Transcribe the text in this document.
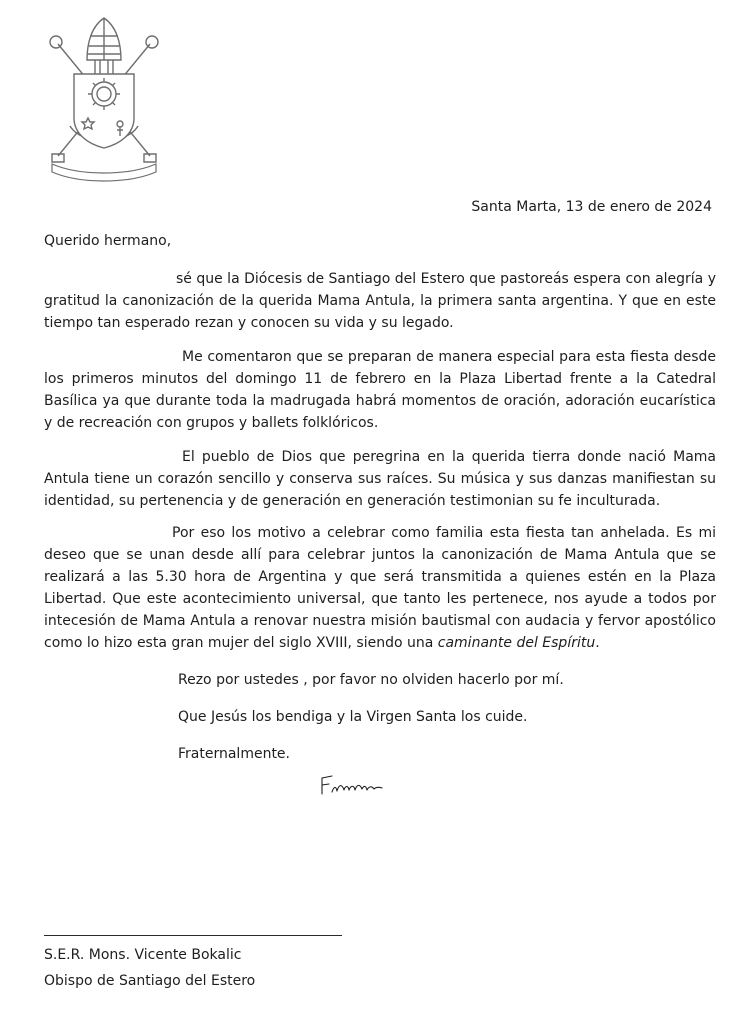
Santa Marta, 13 de enero de 2024
Querido hermano,

sé que la Diócesis de Santiago del Estero que pastoreás espera con alegría y gratitud la canonización de la querida Mama Antula, la primera santa argentina. Y que en este tiempo tan esperado rezan y conocen su vida y su legado.

Me comentaron que se preparan de manera especial para esta fiesta desde los primeros minutos del domingo 11 de febrero en la Plaza Libertad frente a la Catedral Basílica ya que durante toda la madrugada habrá momentos de oración, adoración eucarística y de recreación con grupos y ballets folklóricos.

El pueblo de Dios que peregrina en la querida tierra donde nació Mama Antula tiene un corazón sencillo y conserva sus raíces. Su música y sus danzas manifiestan su identidad, su pertenencia y de generación en generación testimonian su fe inculturada.

Por eso los motivo a celebrar como familia esta fiesta tan anhelada. Es mi deseo que se unan desde allí para celebrar juntos la canonización de Mama Antula que se realizará a las 5.30 hora de Argentina y que será transmitida a quienes estén en la Plaza Libertad. Que este acontecimiento universal, que tanto les pertenece, nos ayude a todos por intecesión de Mama Antula a renovar nuestra misión bautismal con audacia y fervor apostólico como lo hizo esta gran mujer del siglo XVIII, siendo una caminante del Espíritu.

Rezo por ustedes , por favor no olviden hacerlo por mí.

Que Jesús los bendiga y la Virgen Santa los cuide.

Fraternalmente.

S.E.R. Mons. Vicente Bokalic

Obispo de Santiago del Estero
